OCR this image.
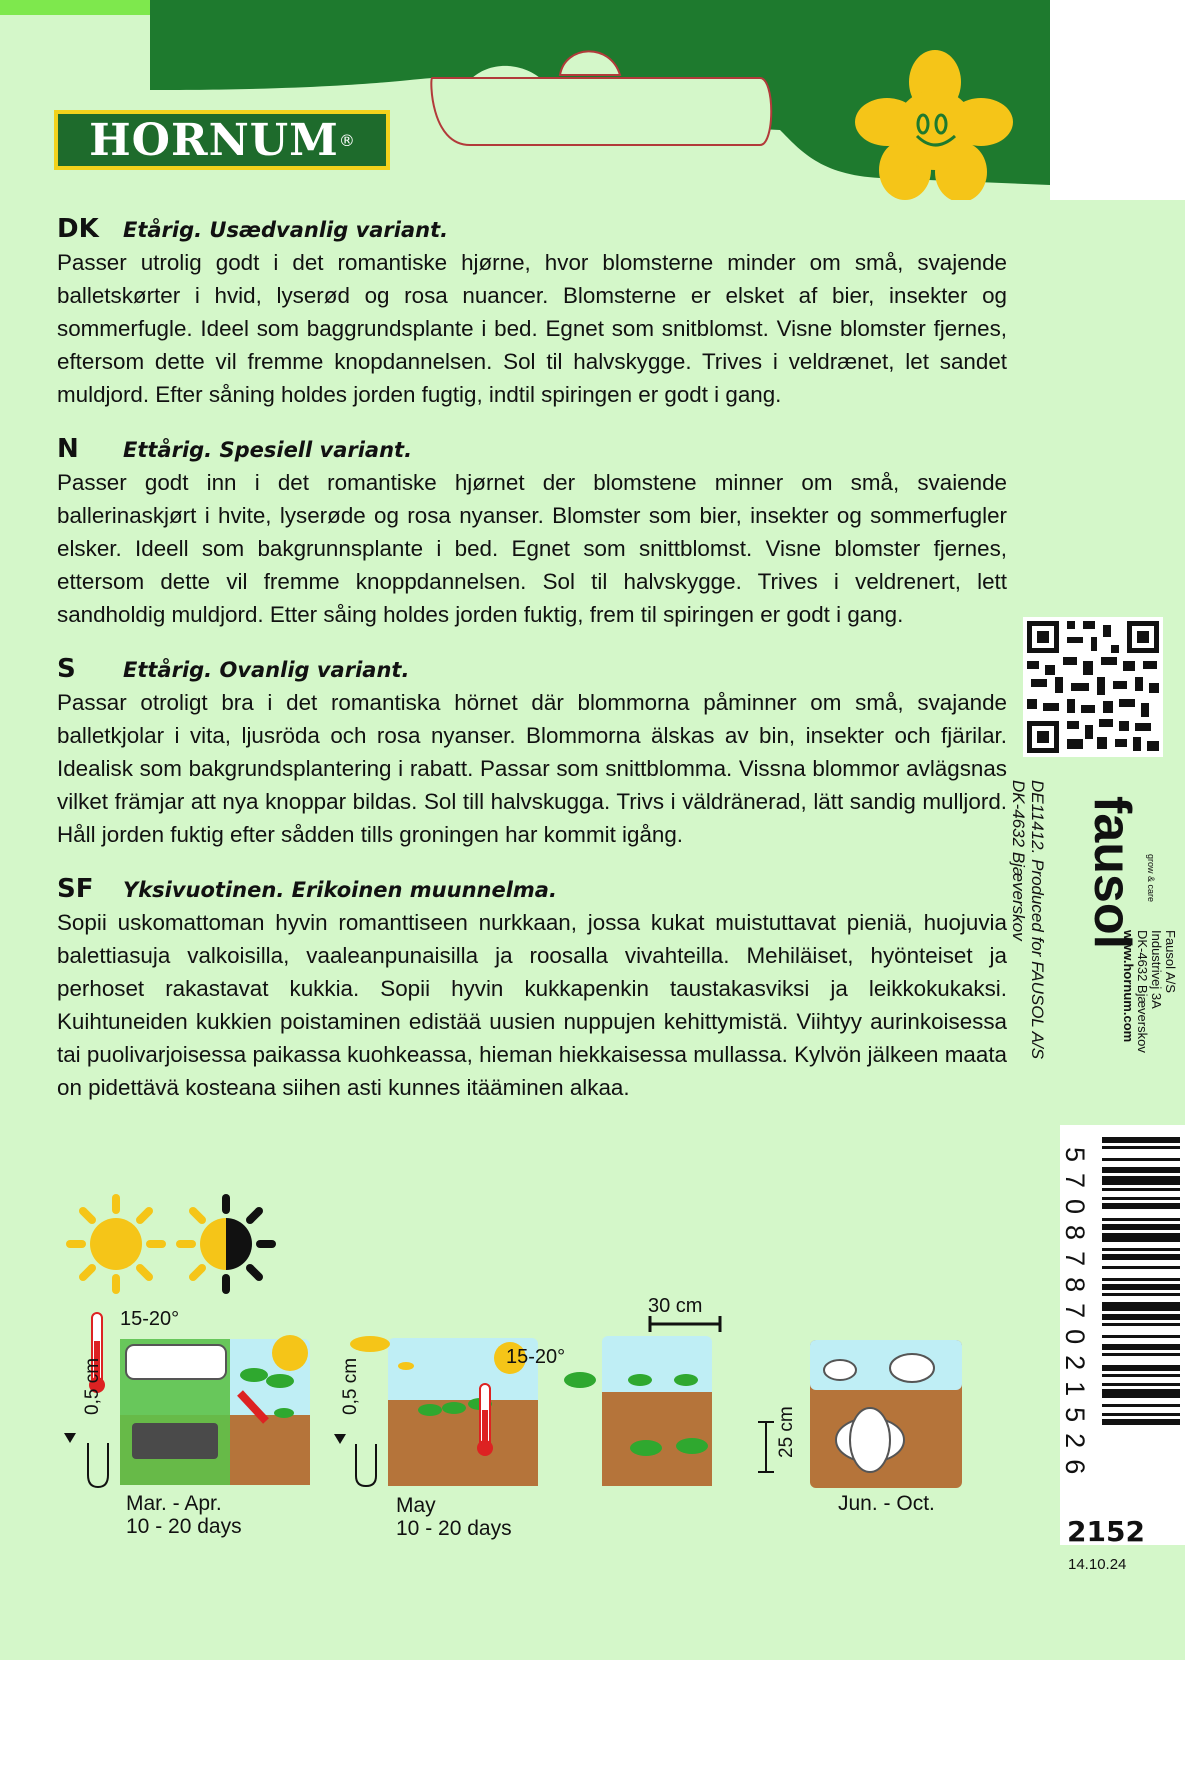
HORNUM ®
DK Etårig. Usædvanlig variant.
Passer utrolig godt i det romantiske hjørne, hvor blomsterne minder om små, svajende balletskørter i hvid, lyserød og rosa nuancer. Blomsterne er elsket af bier, insekter og sommerfugle. Ideel som baggrundsplante i bed. Egnet som snitblomst. Visne blomster fjernes, eftersom dette vil fremme knopdannelsen. Sol til halvskygge. Trives i veldrænet, let sandet muldjord. Efter såning holdes jorden fugtig, indtil spiringen er godt i gang.
N Ettårig. Spesiell variant.
Passer godt inn i det romantiske hjørnet der blomstene minner om små, svaiende ballerinaskjørt i hvite, lyserøde og rosa nyanser. Blomster som bier, insekter og sommerfugler elsker. Ideell som bakgrunnsplante i bed. Egnet som snittblomst. Visne blomster fjernes, ettersom dette vil fremme knoppdannelsen. Sol til halvskygge. Trives i veldrenert, lett sandholdig muldjord. Etter såing holdes jorden fuktig, frem til spiringen er godt i gang.
S Ettårig. Ovanlig variant.
Passar otroligt bra i det romantiska hörnet där blommorna påminner om små, svajande balletkjolar i vita, ljusröda och rosa nyanser. Blommorna älskas av bin, insekter och fjärilar. Idealisk som bakgrundsplantering i rabatt. Passar som snittblomma. Vissna blommor avlägsnas vilket främjar att nya knoppar bildas. Sol till halvskugga. Trivs i väldränerad, lätt sandig mulljord. Håll jorden fuktig efter sådden tills groningen har kommit igång.
SF Yksivuotinen. Erikoinen muunnelma.
Sopii uskomattoman hyvin romanttiseen nurkkaan, jossa kukat muistuttavat pieniä, huojuvia balettiasuja valkoisilla, vaaleanpunaisilla ja roosalla vivahteilla. Mehiläiset, hyönteiset ja perhoset rakastavat kukkia. Sopii hyvin kukkapenkin taustakasviksi ja leikkokukaksi. Kuihtuneiden kukkien poistaminen edistää uusien nuppujen kehittymistä. Viihtyy aurinkoisessa tai puolivarjoisessa paikassa kuohkeassa, hieman hiekkaisessa mullassa. Kylvön jälkeen maata on pidettävä kosteana siihen asti kunnes itääminen alkaa.
DE11412. Produced for FAUSOL A/S
DK-4632 Bjæverskov fausol grow & care
Fausol A/S
Industrivej 3A
DK-4632 Bjæverskov
www.hornum.com
5708787021526
2152
14.10.24
15-20°
0,5 cm
Mar. - Apr.
10 - 20 days
15-20°
0,5 cm
May
10 - 20 days
30 cm
25 cm
Jun. - Oct.
